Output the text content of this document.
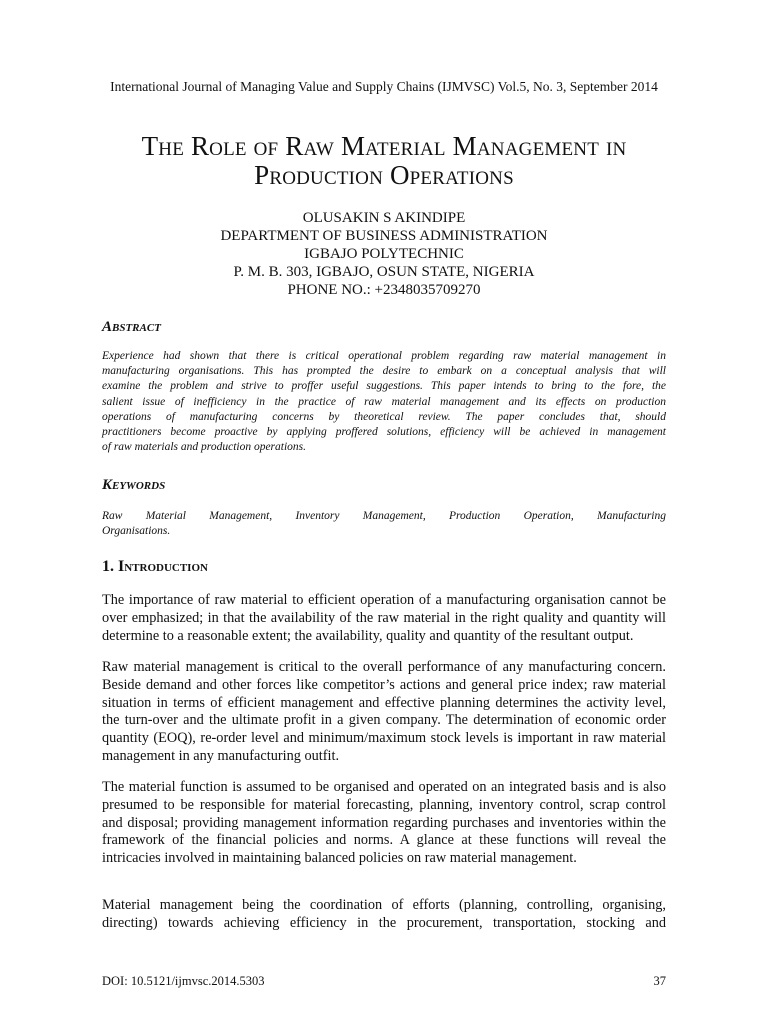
International Journal of Managing Value and Supply Chains (IJMVSC) Vol.5, No. 3, September 2014
The Role of Raw Material Management in
Production Operations
OLUSAKIN S AKINDIPE
DEPARTMENT OF BUSINESS ADMINISTRATION
IGBAJO POLYTECHNIC
P. M. B. 303, IGBAJO, OSUN STATE, NIGERIA
PHONE NO.: +2348035709270
Abstract
Experience had shown that there is critical operational problem regarding raw material management in
manufacturing organisations. This has prompted the desire to embark on a conceptual analysis that will
examine the problem and strive to proffer useful suggestions. This paper intends to bring to the fore, the
salient issue of inefficiency in the practice of raw material management and its effects on production
operations of manufacturing concerns by theoretical review. The paper concludes that, should
practitioners become proactive by applying proffered solutions, efficiency will be achieved in management
of raw materials and production operations.
Keywords
Raw Material Management, Inventory Management, Production Operation, Manufacturing
Organisations.
1. Introduction
The importance of raw material to efficient operation of a manufacturing organisation cannot be
over emphasized; in that the availability of the raw material in the right quality and quantity will
determine to a reasonable extent; the availability, quality and quantity of the resultant output.
Raw material management is critical to the overall performance of any manufacturing concern.
Beside demand and other forces like competitor’s actions and general price index; raw material
situation in terms of efficient management and effective planning determines the activity level,
the turn-over and the ultimate profit in a given company. The determination of economic order
quantity (EOQ), re-order level and minimum/maximum stock levels is important in raw material
management in any manufacturing outfit.
The material function is assumed to be organised and operated on an integrated basis and is also
presumed to be responsible for material forecasting, planning, inventory control, scrap control
and disposal; providing management information regarding purchases and inventories within the
framework of the financial policies and norms. A glance at these functions will reveal the
intricacies involved in maintaining balanced policies on raw material management.
Material management being the coordination of efforts (planning, controlling, organising,
directing) towards achieving efficiency in the procurement, transportation, stocking and
DOI: 10.5121/ijmvsc.2014.5303	37
